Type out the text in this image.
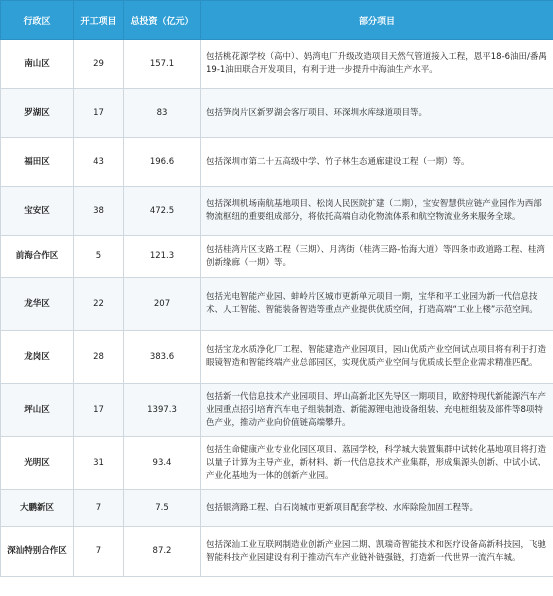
行政区	开工项目	总投资（亿元）	部分项目
南山区	29	157.1	包括桃花源学校（高中）、妈湾电厂升级改造项目天然气管道接入工程，恩平18-6油田/番禺19-1油田联合开发项目，有利于进一步提升中海油生产水平。
罗湖区	17	83	包括笋岗片区新罗湖会客厅项目、环深圳水库绿道项目等。
福田区	43	196.6	包括深圳市第二十五高级中学、竹子林生态通廊建设工程（一期）等。
宝安区	38	472.5	包括深圳机场南航基地项目、松岗人民医院扩建（二期），宝安智慧供应链产业园作为西部物流枢纽的重要组成部分，将依托高端自动化物流体系和航空物流业务来服务全球。
前海合作区	5	121.3	包括桂湾片区支路工程（三期）、月湾街（桂湾三路-怡海大道）等四条市政道路工程、桂湾创新缘廊（一期）等。
龙华区	22	207	包括光电智能产业园、蚌岭片区城市更新单元项目一期，宝华和平工业园为新一代信息技术、人工智能、智能装备智造等重点产业提供优质空间，打造高端“工业上楼”示范空间。
龙岗区	28	383.6	包括宝龙水质净化厂工程、智能建造产业园项目，园山优质产业空间试点项目将有利于打造眼镜智造和智能终端产业总部园区，实现优质产业空间与优质成长型企业需求精准匹配。
坪山区	17	1397.3	包括新一代信息技术产业园项目、坪山高新北区先导区一期项目，欧舒特现代新能源汽车产业园重点招引培育汽车电子组装制造、新能源锂电池设备组装、充电桩组装及部件等8项特色产业，推动产业向价值链高端攀升。
光明区	31	93.4	包括生命健康产业专业化园区项目、荔园学校，科学城大装置集群中试转化基地项目将打造以量子计算为主导产业，新材料、新一代信息技术产业集群，形成集源头创新、中试小试、产业化基地为一体的创新产业园。
大鹏新区	7	7.5	包括银湾路工程、白石岗城市更新项目配套学校、水库除险加固工程等。
深汕特别合作区	7	87.2	包括深汕工业互联网制造业创新产业园二期、凯瑞奇智能技术和医疗设备高新科技园，飞驰智能科技产业园建设有利于推动汽车产业链补链强链，打造新一代世界一流汽车城。
